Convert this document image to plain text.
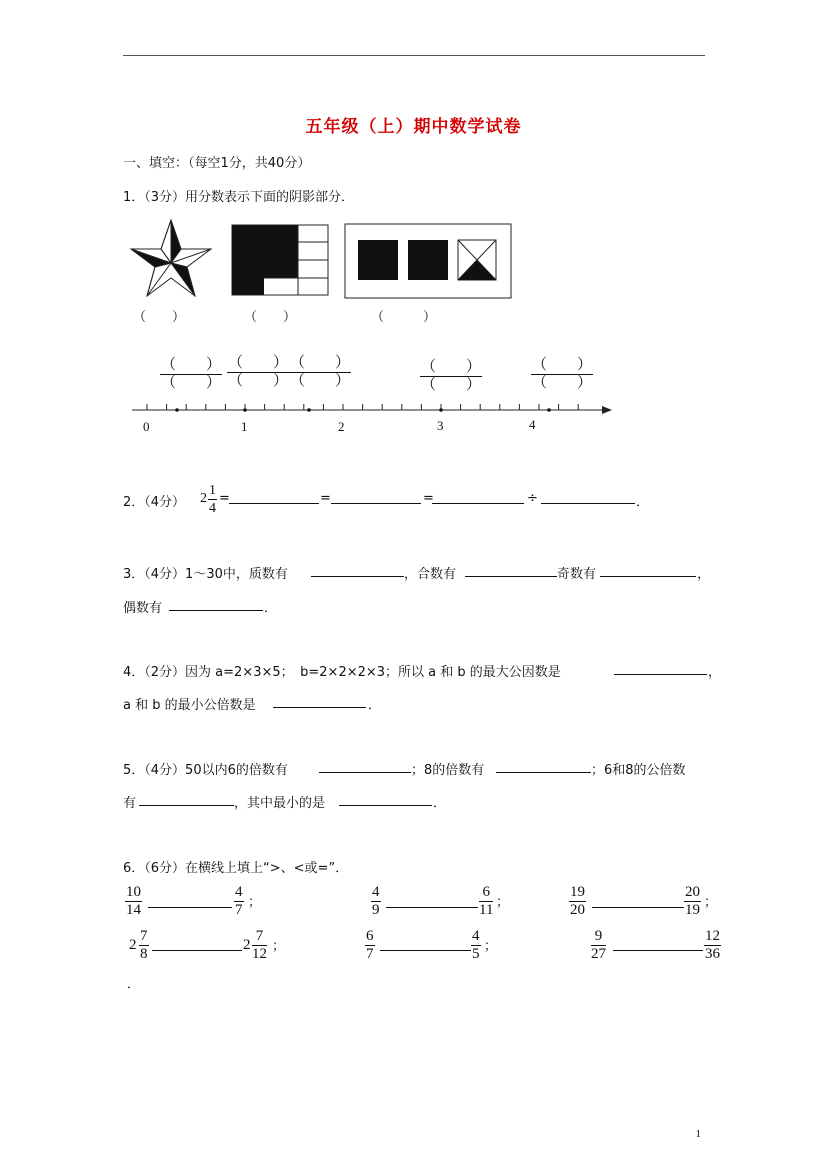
五年级（上）期中数学试卷
一、填空：（每空1分，共40分）
1．（3分）用分数表示下面的阴影部分．
（　　）	（　　）	（　　　）
（　　）
（　　）
（　　）
（　　）
（　　）
（　　）
（　　）
（　　）
（　　）
（　　）
0	1	2	3	4
2．（4分） $2 \frac{1}{4}$ =	=	=	÷	．
3．（4分）1～30中，质数有	，合数有	奇数有	，
偶数有	．
4．（2分）因为 a=2×3×5；　b=2×2×2×3；所以 a 和 b 的最大公因数是	，
a 和 b 的最小公倍数是	．
5．（4分）50以内6的倍数有	；8的倍数有	；6和8的公倍数
有	，其中最小的是	．
6．（6分）在横线上填上“>、<或=”．
$\frac{10}{14}$	$\frac{4}{7}$ ；	$\frac{4}{9}$	$\frac{6}{11}$ ；	$\frac{19}{20}$	$\frac{20}{19}$ ；
$2 \frac{7}{8}$	$2 \frac{7}{12}$ ；	$\frac{6}{7}$	$\frac{4}{5}$ ；	$\frac{9}{27}$	$\frac{12}{36}$
．
1
